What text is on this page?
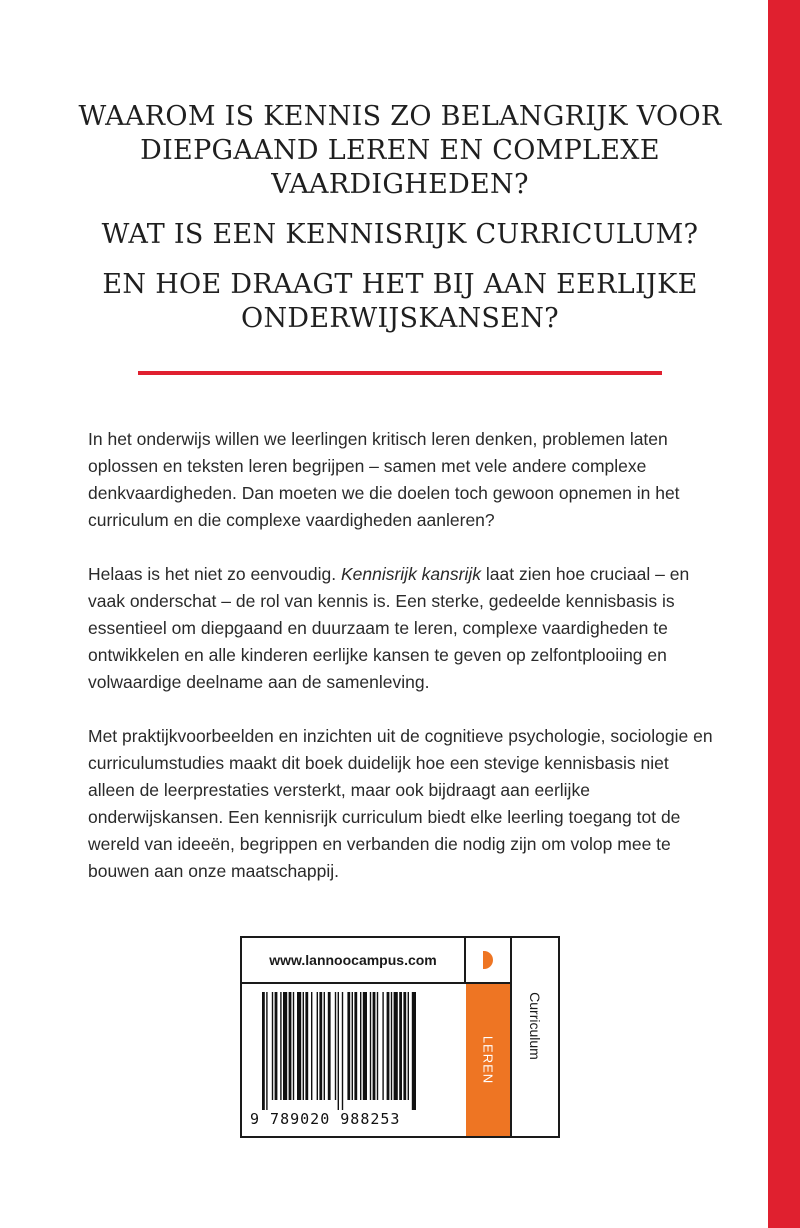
WAAROM IS KENNIS ZO BELANGRIJK VOOR DIEPGAAND LEREN EN COMPLEXE VAARDIGHEDEN?

WAT IS EEN KENNISRIJK CURRICULUM?

EN HOE DRAAGT HET BIJ AAN EERLIJKE ONDERWIJSKANSEN?

In het onderwijs willen we leerlingen kritisch leren denken, problemen laten oplossen en teksten leren begrijpen – samen met vele andere complexe denkvaardigheden. Dan moeten we die doelen toch gewoon opnemen in het curriculum en die complexe vaardigheden aanleren?

Helaas is het niet zo eenvoudig. Kennisrijk kansrijk laat zien hoe cruciaal – en vaak onderschat – de rol van kennis is. Een sterke, gedeelde kennisbasis is essentieel om diepgaand en duurzaam te leren, complexe vaardigheden te ontwikkelen en alle kinderen eerlijke kansen te geven op zelfontplooiing en volwaardige deelname aan de samenleving.

Met praktijkvoorbeelden en inzichten uit de cognitieve psychologie, sociologie en curriculumstudies maakt dit boek duidelijk hoe een stevige kennisbasis niet alleen de leerprestaties versterkt, maar ook bijdraagt aan eerlijke onderwijskansen. Een kennisrijk curriculum biedt elke leerling toegang tot de wereld van ideeën, begrippen en verbanden die nodig zijn om volop mee te bouwen aan onze maatschappij.

www.lannoocampus.com
LEREN
Curriculum
9 789020 988253
